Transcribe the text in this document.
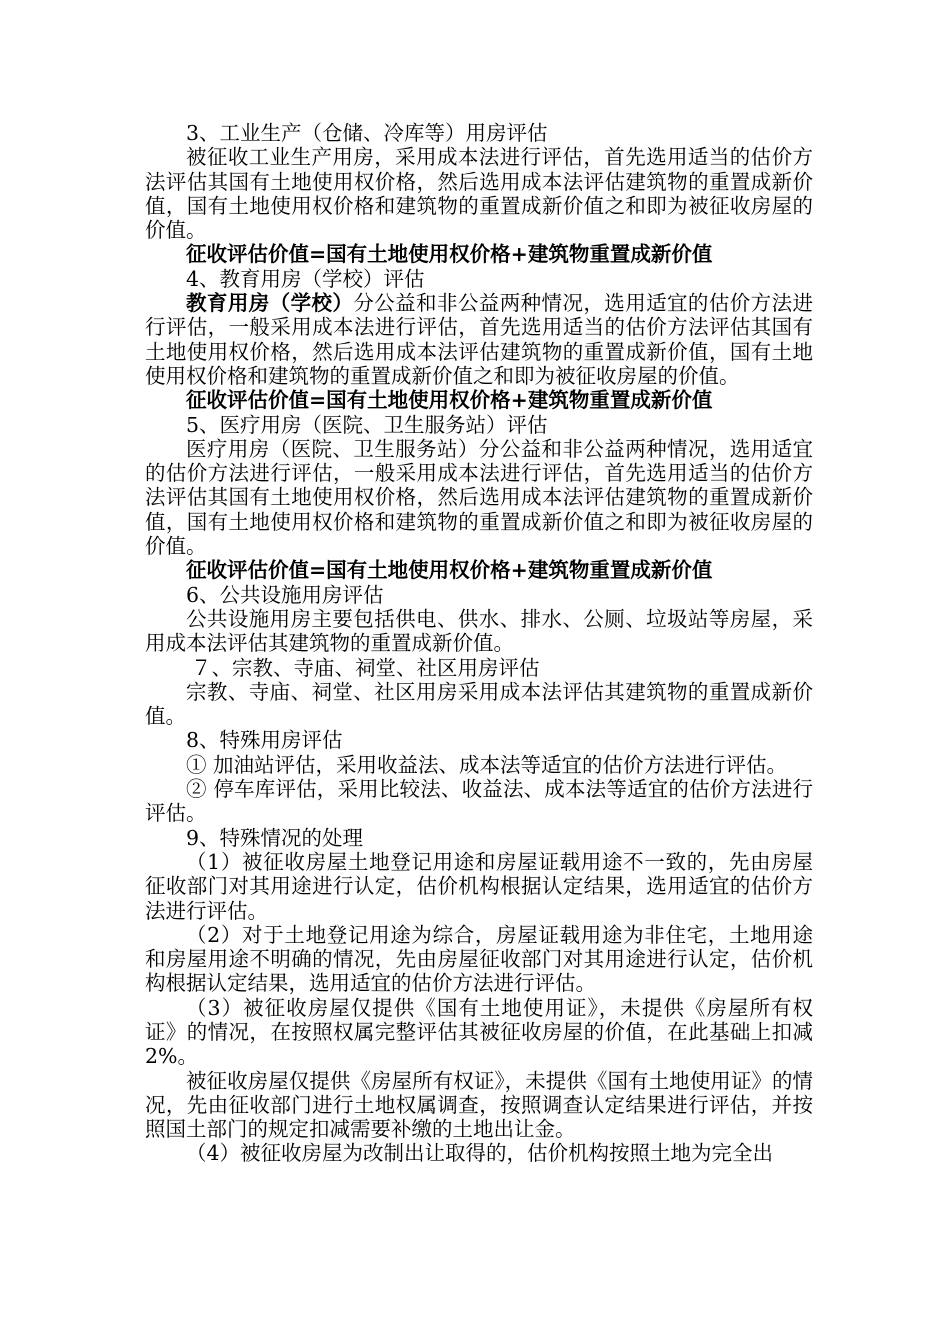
3、工业生产（仓储、冷库等）用房评估

被征收工业生产用房，采用成本法进行评估，首先选用适当的估价方法评估其国有土地使用权价格，然后选用成本法评估建筑物的重置成新价值，国有土地使用权价格和建筑物的重置成新价值之和即为被征收房屋的价值。

征收评估价值=国有土地使用权价格+建筑物重置成新价值

4、教育用房（学校）评估

教育用房（学校）分公益和非公益两种情况，选用适宜的估价方法进行评估，一般采用成本法进行评估，首先选用适当的估价方法评估其国有土地使用权价格，然后选用成本法评估建筑物的重置成新价值，国有土地使用权价格和建筑物的重置成新价值之和即为被征收房屋的价值。

征收评估价值=国有土地使用权价格+建筑物重置成新价值

5、医疗用房（医院、卫生服务站）评估

医疗用房（医院、卫生服务站）分公益和非公益两种情况，选用适宜的估价方法进行评估，一般采用成本法进行评估，首先选用适当的估价方法评估其国有土地使用权价格，然后选用成本法评估建筑物的重置成新价值，国有土地使用权价格和建筑物的重置成新价值之和即为被征收房屋的价值。

征收评估价值=国有土地使用权价格+建筑物重置成新价值

6、公共设施用房评估

公共设施用房主要包括供电、供水、排水、公厕、垃圾站等房屋，采用成本法评估其建筑物的重置成新价值。

７、宗教、寺庙、祠堂、社区用房评估

宗教、寺庙、祠堂、社区用房采用成本法评估其建筑物的重置成新价值。

8、特殊用房评估

① 加油站评估，采用收益法、成本法等适宜的估价方法进行评估。

② 停车库评估，采用比较法、收益法、成本法等适宜的估价方法进行评估。

9、特殊情况的处理

（1）被征收房屋土地登记用途和房屋证载用途不一致的，先由房屋征收部门对其用途进行认定，估价机构根据认定结果，选用适宜的估价方法进行评估。

（2）对于土地登记用途为综合，房屋证载用途为非住宅，土地用途和房屋用途不明确的情况，先由房屋征收部门对其用途进行认定，估价机构根据认定结果，选用适宜的估价方法进行评估。

（3）被征收房屋仅提供《国有土地使用证》，未提供《房屋所有权证》的情况，在按照权属完整评估其被征收房屋的价值，在此基础上扣减 2%。

被征收房屋仅提供《房屋所有权证》，未提供《国有土地使用证》的情况，先由征收部门进行土地权属调查，按照调查认定结果进行评估，并按照国土部门的规定扣减需要补缴的土地出让金。

（4）被征收房屋为改制出让取得的，估价机构按照土地为完全出
